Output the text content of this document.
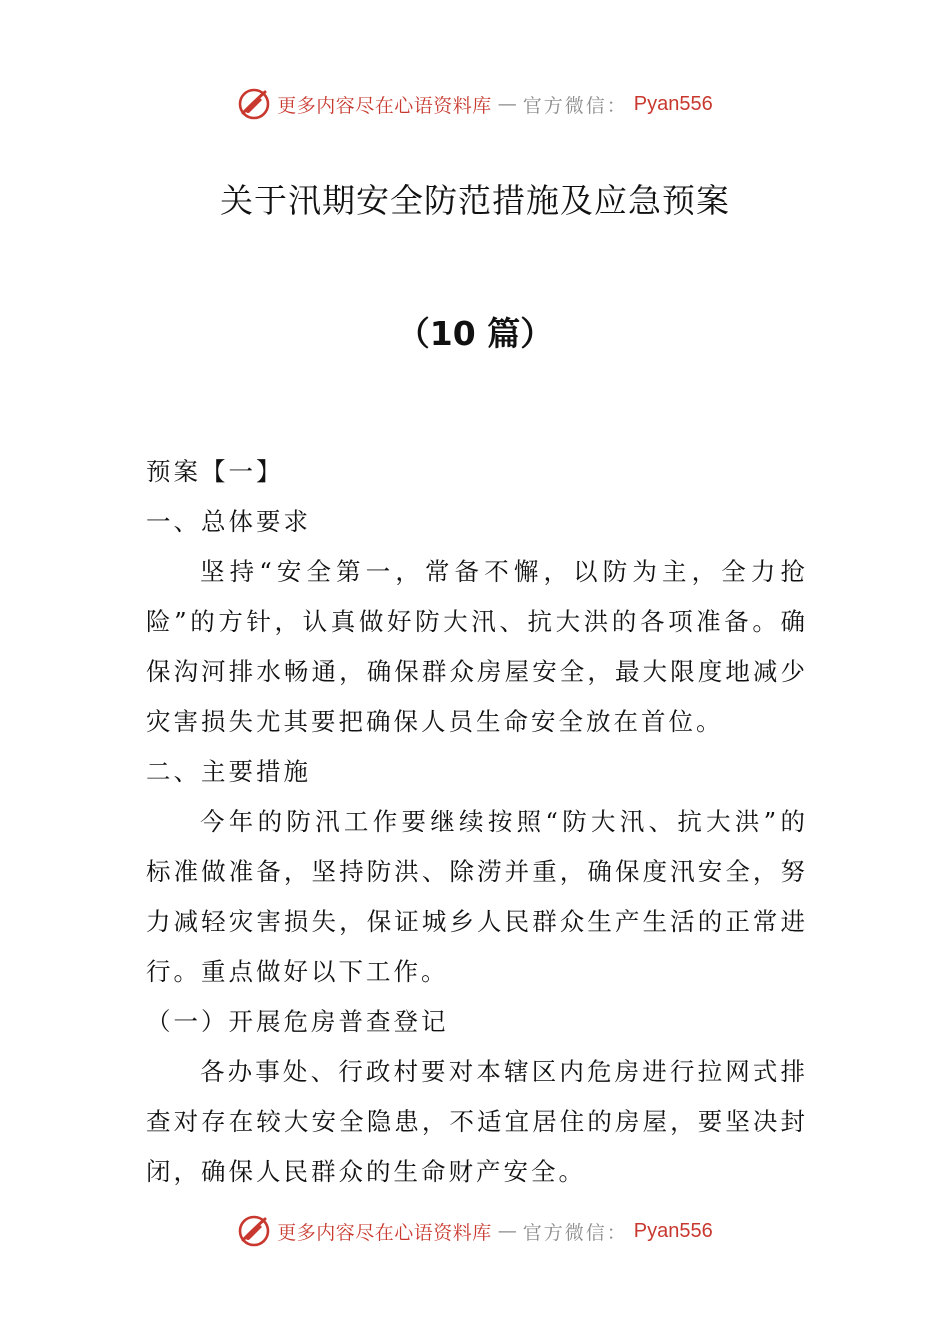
更多内容尽在心语资料库 — 官方微信： Pyan556
关于汛期安全防范措施及应急预案
（10 篇）

预案【一】

一、总体要求

坚持“安全第一，常备不懈，以防为主，全力抢险”的方针，认真做好防大汛、抗大洪的各项准备。确保沟河排水畅通，确保群众房屋安全，最大限度地减少灾害损失尤其要把确保人员生命安全放在首位。

二、主要措施

今年的防汛工作要继续按照“防大汛、抗大洪”的标准做准备，坚持防洪、除涝并重，确保度汛安全，努力减轻灾害损失，保证城乡人民群众生产生活的正常进行。重点做好以下工作。

（一）开展危房普查登记

各办事处、行政村要对本辖区内危房进行拉网式排查对存在较大安全隐患，不适宜居住的房屋，要坚决封闭，确保人民群众的生命财产安全。

更多内容尽在心语资料库 — 官方微信： Pyan556
